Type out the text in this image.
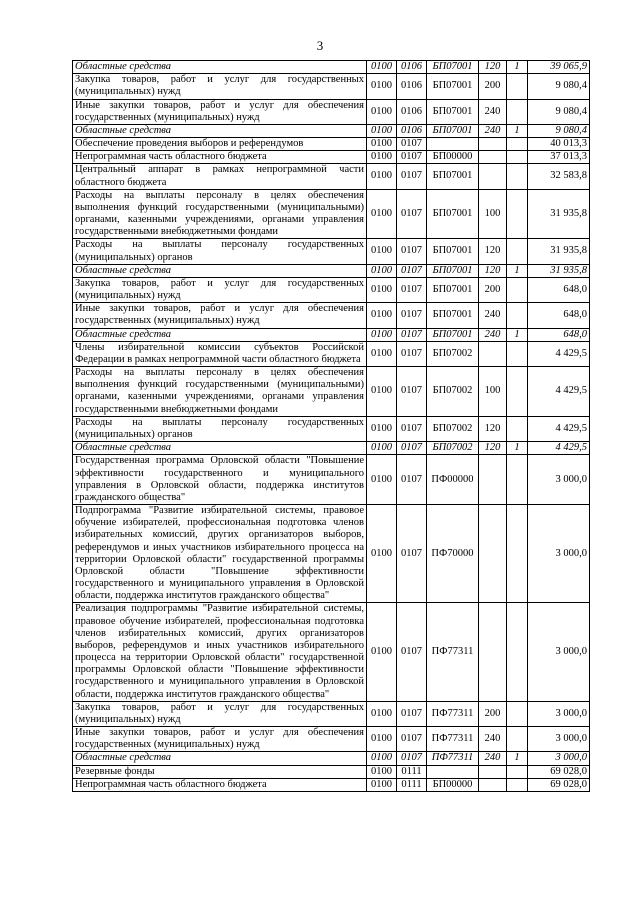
3
Областные средства	0100	0106	БП07001	120	1	39 065,9
Закупка товаров, работ и услуг для государственных (муниципальных) нужд	0100	0106	БП07001	200		9 080,4
Иные закупки товаров, работ и услуг для обеспечения государственных (муниципальных) нужд	0100	0106	БП07001	240		9 080,4
Областные средства	0100	0106	БП07001	240	1	9 080,4
Обеспечение проведения выборов и референдумов	0100	0107				40 013,3
Непрограммная часть областного бюджета	0100	0107	БП00000			37 013,3
Центральный аппарат в рамках непрограммной части областного бюджета	0100	0107	БП07001			32 583,8
Расходы на выплаты персоналу в целях обеспечения выполнения функций государственными (муниципальными) органами, казенными учреждениями, органами управления государственными внебюджетными фондами	0100	0107	БП07001	100		31 935,8
Расходы на выплаты персоналу государственных (муниципальных) органов	0100	0107	БП07001	120		31 935,8
Областные средства	0100	0107	БП07001	120	1	31 935,8
Закупка товаров, работ и услуг для государственных (муниципальных) нужд	0100	0107	БП07001	200		648,0
Иные закупки товаров, работ и услуг для обеспечения государственных (муниципальных) нужд	0100	0107	БП07001	240		648,0
Областные средства	0100	0107	БП07001	240	1	648,0
Члены избирательной комиссии субъектов Российской Федерации в рамках непрограммной части областного бюджета	0100	0107	БП07002			4 429,5
Расходы на выплаты персоналу в целях обеспечения выполнения функций государственными (муниципальными) органами, казенными учреждениями, органами управления государственными внебюджетными фондами	0100	0107	БП07002	100		4 429,5
Расходы на выплаты персоналу государственных (муниципальных) органов	0100	0107	БП07002	120		4 429,5
Областные средства	0100	0107	БП07002	120	1	4 429,5
Государственная программа Орловской области "Повышение эффективности государственного и муниципального управления в Орловской области, поддержка институтов гражданского общества"	0100	0107	ПФ00000			3 000,0
Подпрограмма "Развитие избирательной системы, правовое обучение избирателей, профессиональная подготовка членов избирательных комиссий, других организаторов выборов, референдумов и иных участников избирательного процесса на территории Орловской области" государственной программы Орловской области "Повышение эффективности государственного и муниципального управления в Орловской области, поддержка институтов гражданского общества"	0100	0107	ПФ70000			3 000,0
Реализация подпрограммы "Развитие избирательной системы, правовое обучение избирателей, профессиональная подготовка членов избирательных комиссий, других организаторов выборов, референдумов и иных участников избирательного процесса на территории Орловской области" государственной программы Орловской области "Повышение эффективности государственного и муниципального управления в Орловской области, поддержка институтов гражданского общества"	0100	0107	ПФ77311			3 000,0
Закупка товаров, работ и услуг для государственных (муниципальных) нужд	0100	0107	ПФ77311	200		3 000,0
Иные закупки товаров, работ и услуг для обеспечения государственных (муниципальных) нужд	0100	0107	ПФ77311	240		3 000,0
Областные средства	0100	0107	ПФ77311	240	1	3 000,0
Резервные фонды	0100	0111				69 028,0
Непрограммная часть областного бюджета	0100	0111	БП00000			69 028,0
